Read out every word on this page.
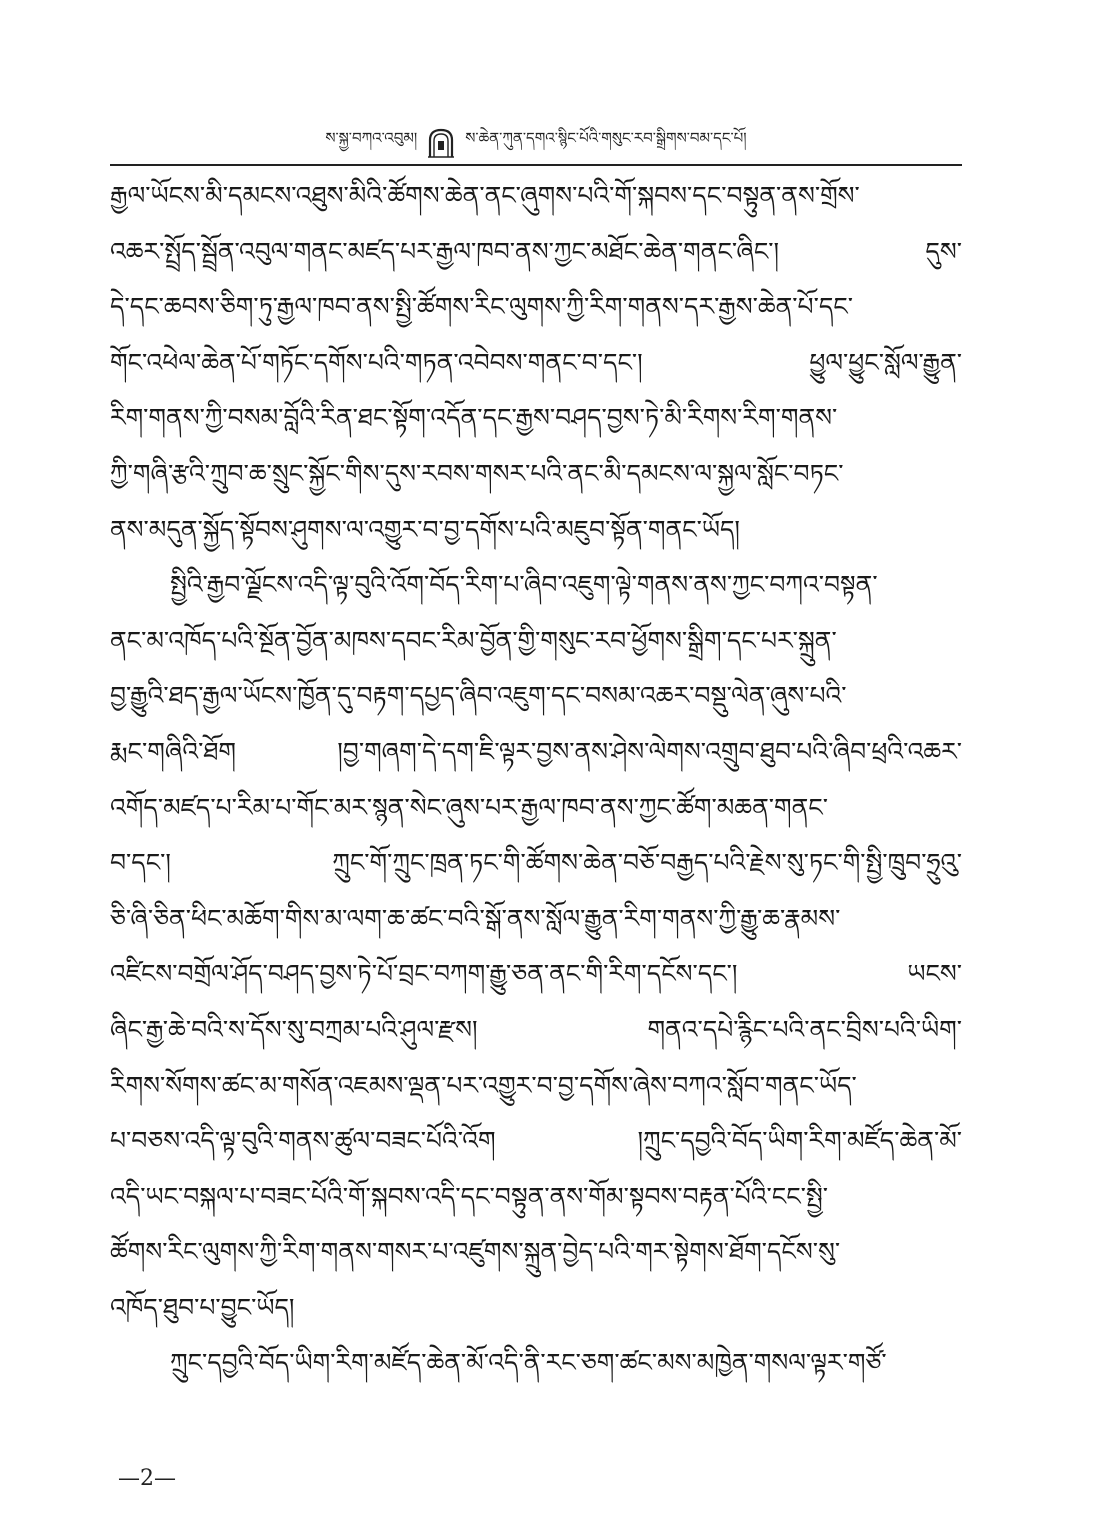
ས་སྐྱ་བཀའ་འབུམ།	ས་ཆེན་ཀུན་དགའ་སྙིང་པོའི་གསུང་རབ་སྒྲིགས་བམ་དང་པོ།
རྒྱལ་ཡོངས་མི་དམངས་འཐུས་མིའི་ཚོགས་ཆེན་ནང་ཞུགས་པའི་གོ་སྐབས་དང་བསྟུན་ནས་གྲོས་
འཆར་སྤྲོད་སྦྲོན་འབུལ་གནང་མཛད་པར་རྒྱལ་ཁབ་ནས་ཀྱང་མཐོང་ཆེན་གནང་ཞིང་། དུས་
དེ་དང་ཆབས་ཅིག་ཏུ་རྒྱལ་ཁབ་ནས་སྤྱི་ཚོགས་རིང་ལུགས་ཀྱི་རིག་གནས་དར་རྒྱས་ཆེན་པོ་དང་
གོང་འཕེལ་ཆེན་པོ་གཏོང་དགོས་པའི་གཏན་འབེབས་གནང་བ་དང་། ཕྱུལ་ཕྱུང་སློལ་རྒྱུན་
རིག་གནས་ཀྱི་བསམ་བློའི་རིན་ཐང་སྟོག་འདོན་དང་རྒྱས་བཤད་བྱས་ཏེ་མི་རིགས་རིག་གནས་
ཀྱི་གཞི་རྩའི་ཀྲུབ་ཆ་སྲུང་སྐྱོང་གིས་དུས་རབས་གསར་པའི་ནང་མི་དམངས་ལ་སྐྱལ་སློང་བཏང་
ནས་མདུན་སྐྱོད་སྟོབས་ཤུགས་ལ་འགྱུར་བ་བྱ་དགོས་པའི་མཇུབ་སྟོན་གནང་ཡོད།
སྤྱིའི་རྒྱབ་ལྗོངས་འདི་ལྟ་བུའི་འོག་བོད་རིག་པ་ཞིབ་འཇུག་ལྟེ་གནས་ནས་ཀྱང་བཀའ་བསྟན་
ནང་མ་འཁོད་པའི་སྔོན་བྱོན་མཁས་དབང་རིམ་བྱོན་གྱི་གསུང་རབ་ཕྱོགས་སྒྲིག་དང་པར་སྐྲུན་
བྱ་རྒྱུའི་ཐད་རྒྱལ་ཡོངས་ཁྱོན་དུ་བརྟག་དཔྱད་ཞིབ་འཇུག་དང་བསམ་འཆར་བསྡུ་ལེན་ཞུས་པའི་
རྨང་གཞིའི་ཐོག །བྱ་གཞག་དེ་དག་ཇི་ལྟར་བྱས་ནས་ཤེས་ལེགས་འགྲུབ་ཐུབ་པའི་ཞིབ་ཕྲའི་འཆར་
འགོད་མཛད་པ་རིམ་པ་གོང་མར་སྙན་སེང་ཞུས་པར་རྒྱལ་ཁབ་ནས་ཀྱང་ཚོག་མཆན་གནང་
བ་དང་། ཀྲུང་གོ་ཀྲུང་ཁྲན་ཏང་གི་ཚོགས་ཆེན་བཅོ་བརྒྱད་པའི་རྗེས་སུ་ཏང་གི་སྤྱི་ཁྲུབ་ཧྲུའུ་
ཅི་ཞི་ཅིན་ཕིང་མཆོག་གིས་མ་ལག་ཆ་ཚང་བའི་སྒོ་ནས་སློལ་རྒྱུན་རིག་གནས་ཀྱི་རྒྱུ་ཆ་རྣམས་
འཛིངས་བགྲོལ་ཤོད་བཤད་བྱས་ཏེ་པོ་བྲང་བཀག་རྒྱུ་ཅན་ནང་གི་རིག་དངོས་དང་། ཡངས་
ཞིང་རྒྱ་ཆེ་བའི་ས་དོས་སུ་བཀྲམ་པའི་ཤུལ་རྫས། གནའ་དཔེ་རྙིང་པའི་ནང་བྲིས་པའི་ཡིག་
རིགས་སོགས་ཚང་མ་གསོན་འཇམས་ལྡན་པར་འགྱུར་བ་བྱ་དགོས་ཞེས་བཀའ་སློབ་གནང་ཡོད་
པ་བཅས་འདི་ལྟ་བུའི་གནས་ཚུལ་བཟང་པོའི་འོག །ཀྲུང་དབྱའི་བོད་ཡིག་རིག་མཛོད་ཆེན་མོ་
འདི་ཡང་བསྐལ་པ་བཟང་པོའི་གོ་སྐབས་འདི་དང་བསྟུན་ནས་གོམ་སྟབས་བརྟན་པོའི་ངང་སྤྱི་
ཚོགས་རིང་ལུགས་ཀྱི་རིག་གནས་གསར་པ་འཛུགས་སྐྲུན་བྱེད་པའི་གར་སྟེགས་ཐོག་དངོས་སུ་
འཁོད་ཐུབ་པ་བྱུང་ཡོད།
ཀྲུང་དབྱའི་བོད་ཡིག་རིག་མཛོད་ཆེན་མོ་འདི་ནི་རང་ཅག་ཚང་མས་མཁྱེན་གསལ་ལྟར་གཙོ་
—2—
